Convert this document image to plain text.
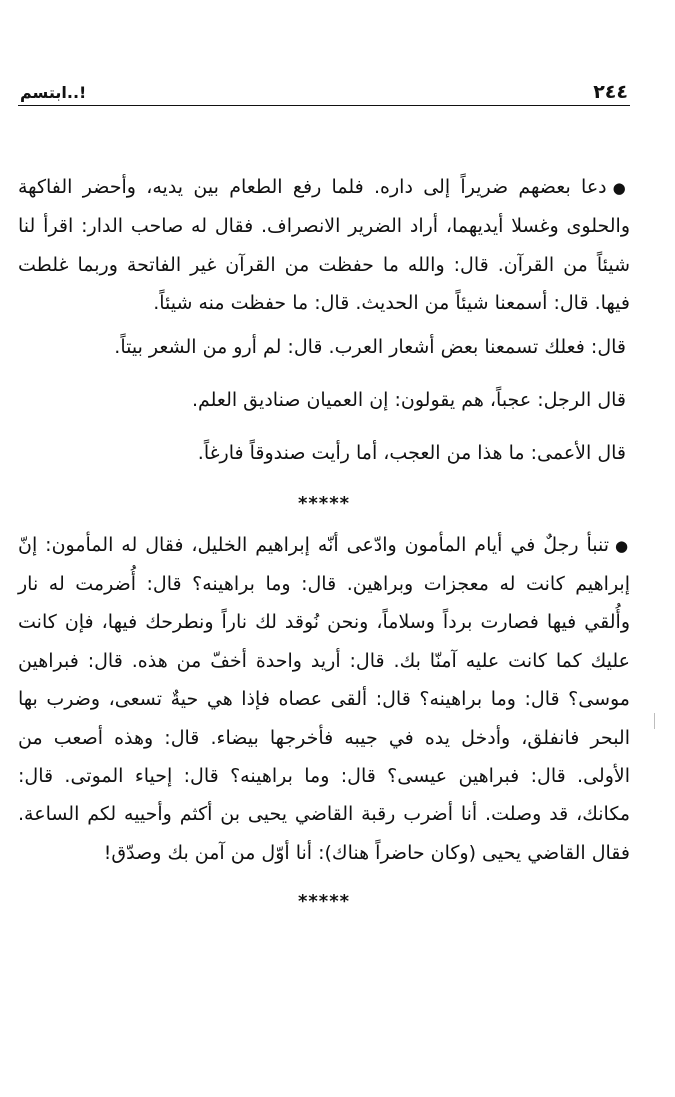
٢٤٤
ابتسم..!

●دعا بعضهم ضريراً إلى داره. فلما رفع الطعام بين يديه، وأحضر الفاكهة والحلوى وغسلا أيديهما، أراد الضرير الانصراف. فقال له صاحب الدار: اقرأ لنا شيئاً من القرآن. قال: والله ما حفظت من القرآن غير الفاتحة وربما غلطت فيها. قال: أسمعنا شيئاً من الحديث. قال: ما حفظت منه شيئاً.

قال: فعلك تسمعنا بعض أشعار العرب. قال: لم أرو من الشعر بيتاً.

قال الرجل: عجباً، هم يقولون: إن العميان صناديق العلم.

قال الأعمى: ما هذا من العجب، أما رأيت صندوقاً فارغاً.

*****

●تنبأ رجلٌ في أيام المأمون وادّعى أنّه إبراهيم الخليل، فقال له المأمون: إنّ إبراهيم كانت له معجزات وبراهين. قال: وما براهينه؟ قال: أُضرمت له نار وأُلقي فيها فصارت برداً وسلاماً، ونحن نُوقد لك ناراً ونطرحك فيها، فإن كانت عليك كما كانت عليه آمنّا بك. قال: أريد واحدة أخفّ من هذه. قال: فبراهين موسى؟ قال: وما براهينه؟ قال: ألقى عصاه فإذا هي حيةٌ تسعى، وضرب بها البحر فانفلق، وأدخل يده في جيبه فأخرجها بيضاء. قال: وهذه أصعب من الأولى. قال: فبراهين عيسى؟ قال: وما براهينه؟ قال: إحياء الموتى. قال: مكانك، قد وصلت. أنا أضرب رقبة القاضي يحيى بن أكثم وأحييه لكم الساعة. فقال القاضي يحيى (وكان حاضراً هناك): أنا أوّل من آمن بك وصدّق!

*****
